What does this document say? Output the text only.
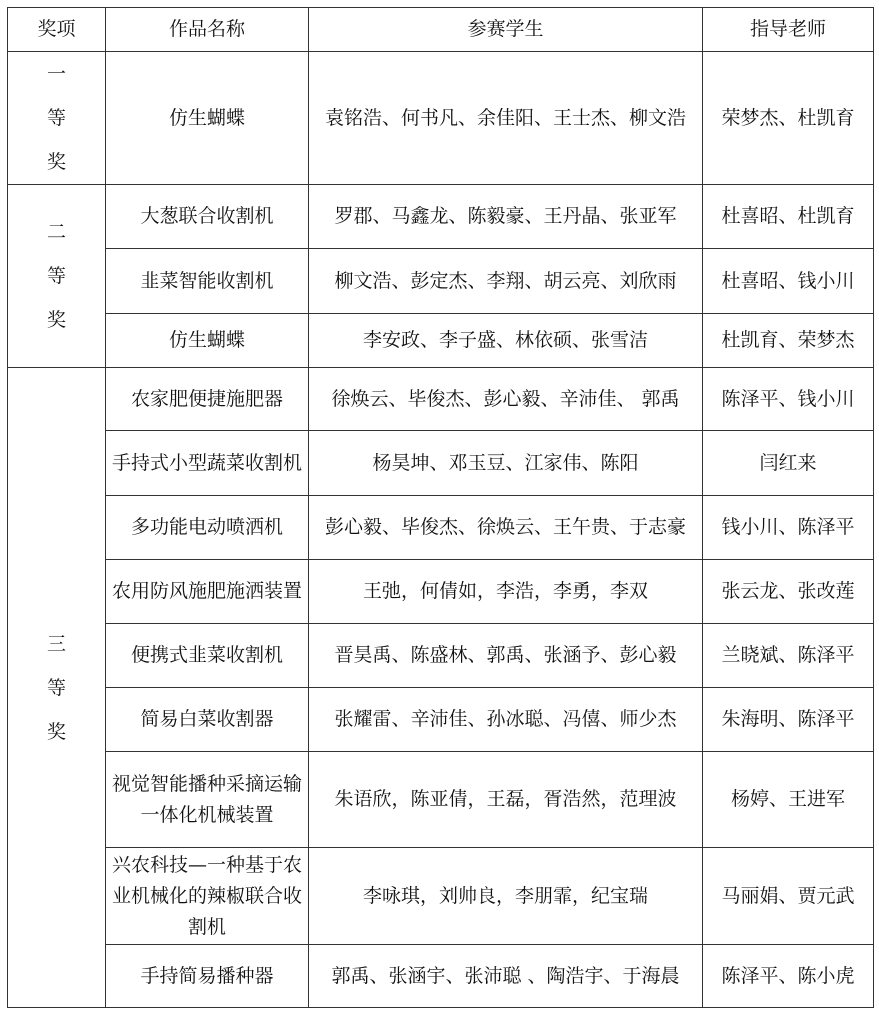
奖项	作品名称	参赛学生	指导老师

一
等
奖	仿生蝴蝶	袁铭浩、何书凡、余佳阳、王士杰、柳文浩	荣梦杰、杜凯育

二
等
奖	大葱联合收割机	罗郡、马鑫龙、陈毅豪、王丹晶、张亚军	杜喜昭、杜凯育
	韭菜智能收割机	柳文浩、彭定杰、李翔、胡云亮、刘欣雨	杜喜昭、钱小川
	仿生蝴蝶	李安政、李子盛、林依硕、张雪洁	杜凯育、荣梦杰

三
等
奖	农家肥便捷施肥器	徐焕云、毕俊杰、彭心毅、辛沛佳、 郭禹	陈泽平、钱小川
	手持式小型蔬菜收割机	杨昊坤、邓玉豆、江家伟、陈阳	闫红来
	多功能电动喷洒机	彭心毅、毕俊杰、徐焕云、王午贵、于志豪	钱小川、陈泽平
	农用防风施肥施洒装置	王弛，何倩如，李浩，李勇，李双	张云龙、张改莲
	便携式韭菜收割机	晋昊禹、陈盛林、郭禹、张涵予、彭心毅	兰晓斌、陈泽平
	简易白菜收割器	张耀雷、辛沛佳、孙冰聪、冯僖、师少杰	朱海明、陈泽平
	视觉智能播种采摘运输一体化机械装置	朱语欣，陈亚倩，王磊，胥浩然，范理波	杨婷、王进军
	兴农科技—一种基于农业机械化的辣椒联合收割机	李咏琪，刘帅良，李朋霏，纪宝瑞	马丽娟、贾元武
	手持简易播种器	郭禹、张涵宇、张沛聪 、陶浩宇、于海晨	陈泽平、陈小虎
